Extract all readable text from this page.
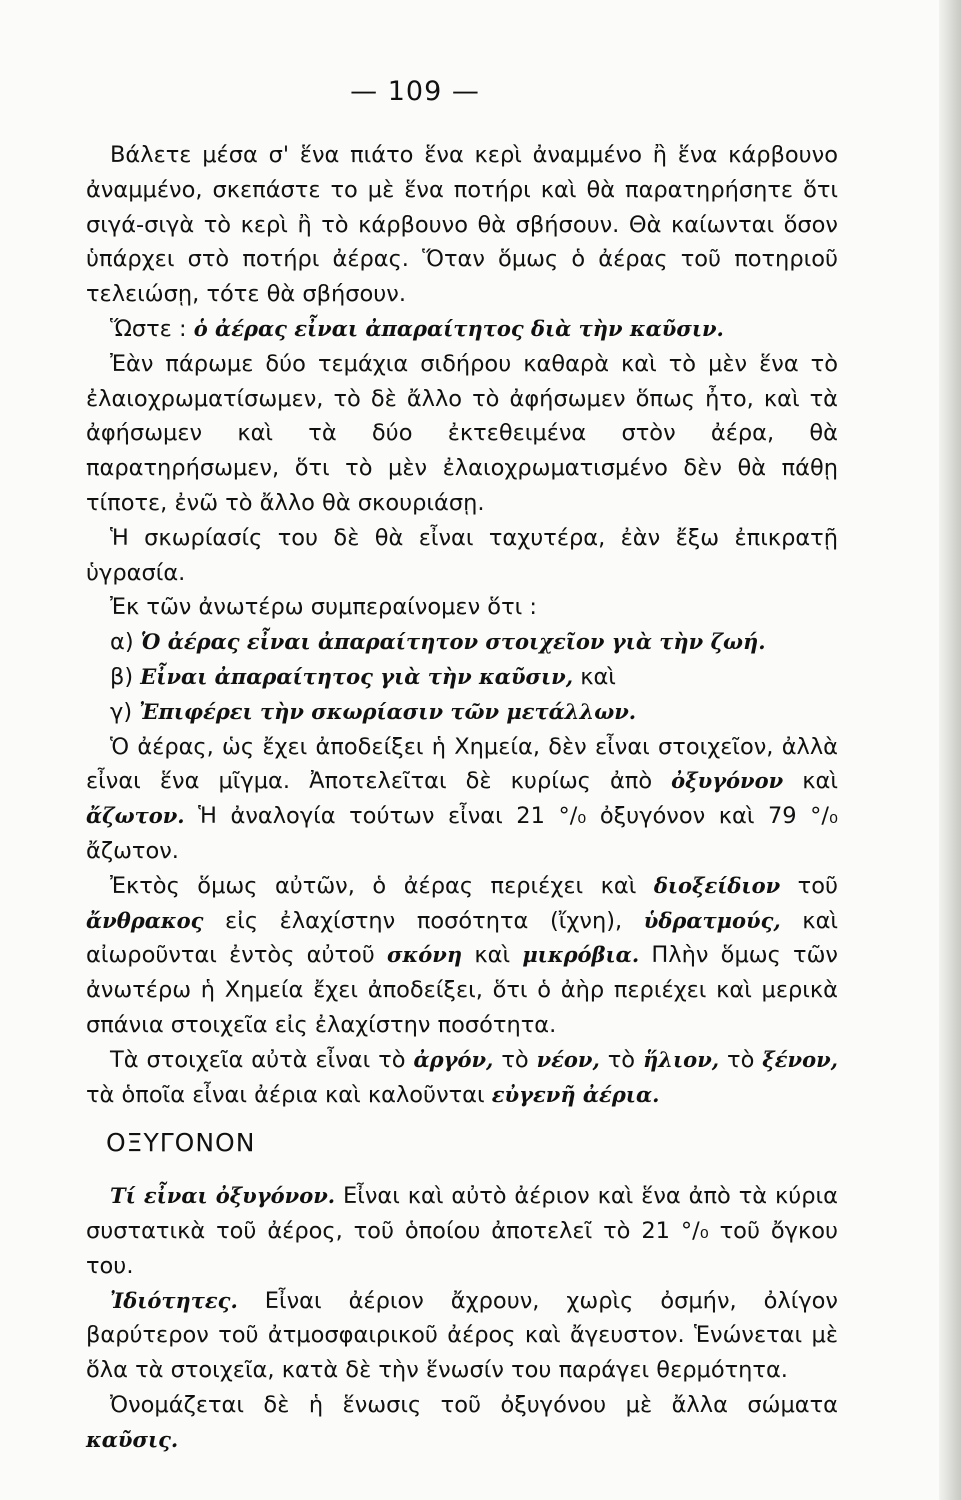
— 109 —

Βάλετε μέσα σ' ἕνα πιάτο ἕνα κερὶ ἀναμμένο ἢ ἕνα κάρβουνο ἀναμμένο, σκεπάστε το μὲ ἕνα ποτήρι καὶ θὰ παρατηρήσητε ὅτι σιγά-σιγὰ τὸ κερὶ ἢ τὸ κάρβουνο θὰ σβήσουν. Θὰ καίωνται ὅσον ὑπάρχει στὸ ποτήρι ἀέρας. Ὅταν ὅμως ὁ ἀέρας τοῦ ποτηριοῦ τελειώσῃ, τότε θὰ σβήσουν.

Ὥστε : ὁ ἀέρας εἶναι ἀπαραίτητος διὰ τὴν καῦσιν.

Ἐὰν πάρωμε δύο τεμάχια σιδήρου καθαρὰ καὶ τὸ μὲν ἕνα τὸ ἐλαιοχρωματίσωμεν, τὸ δὲ ἄλλο τὸ ἀφήσωμεν ὅπως ἦτο, καὶ τὰ ἀφήσωμεν καὶ τὰ δύο ἐκτεθειμένα στὸν ἀέρα, θὰ παρατηρήσωμεν, ὅτι τὸ μὲν ἐλαιοχρωματισμένο δὲν θὰ πάθῃ τίποτε, ἐνῶ τὸ ἄλλο θὰ σκουριάσῃ.

Ἡ σκωρίασίς του δὲ θὰ εἶναι ταχυτέρα, ἐὰν ἔξω ἐπικρατῇ ὑγρασία.

Ἐκ τῶν ἀνωτέρω συμπεραίνομεν ὅτι :

α) Ὁ ἀέρας εἶναι ἀπαραίτητον στοιχεῖον γιὰ τὴν ζωή.

β) Εἶναι ἀπαραίτητος γιὰ τὴν καῦσιν, καὶ

γ) Ἐπιφέρει τὴν σκωρίασιν τῶν μετάλλων.

Ὁ ἀέρας, ὡς ἔχει ἀποδείξει ἡ Χημεία, δὲν εἶναι στοιχεῖον, ἀλλὰ εἶναι ἕνα μῖγμα. Ἀποτελεῖται δὲ κυρίως ἀπὸ ὀξυγόνον καὶ ἄζωτον. Ἡ ἀναλογία τούτων εἶναι 21 °/₀ ὀξυγόνον καὶ 79 °/₀ ἄζωτον.

Ἐκτὸς ὅμως αὐτῶν, ὁ ἀέρας περιέχει καὶ διοξείδιον τοῦ ἄνθρακος εἰς ἐλαχίστην ποσότητα (ἴχνη), ὑδρατμούς, καὶ αἰωροῦνται ἐντὸς αὐτοῦ σκόνη καὶ μικρόβια. Πλὴν ὅμως τῶν ἀνωτέρω ἡ Χημεία ἔχει ἀποδείξει, ὅτι ὁ ἀὴρ περιέχει καὶ μερικὰ σπάνια στοιχεῖα εἰς ἐλαχίστην ποσότητα.

Τὰ στοιχεῖα αὐτὰ εἶναι τὸ ἀργόν, τὸ νέον, τὸ ἥλιον, τὸ ξένον, τὰ ὁποῖα εἶναι ἀέρια καὶ καλοῦνται εὐγενῆ ἀέρια.

ΟΞΥΓΟΝΟΝ

Τί εἶναι ὀξυγόνον. Εἶναι καὶ αὐτὸ ἀέριον καὶ ἕνα ἀπὸ τὰ κύρια συστατικὰ τοῦ ἀέρος, τοῦ ὁποίου ἀποτελεῖ τὸ 21 °/₀ τοῦ ὄγκου του.

Ἰδιότητες. Εἶναι ἀέριον ἄχρουν, χωρὶς ὀσμήν, ὀλίγον βαρύτερον τοῦ ἀτμοσφαιρικοῦ ἀέρος καὶ ἄγευστον. Ἑνώνεται μὲ ὅλα τὰ στοιχεῖα, κατὰ δὲ τὴν ἕνωσίν του παράγει θερμότητα.

Ὀνομάζεται δὲ ἡ ἕνωσις τοῦ ὀξυγόνου μὲ ἄλλα σώματα καῦσις.
